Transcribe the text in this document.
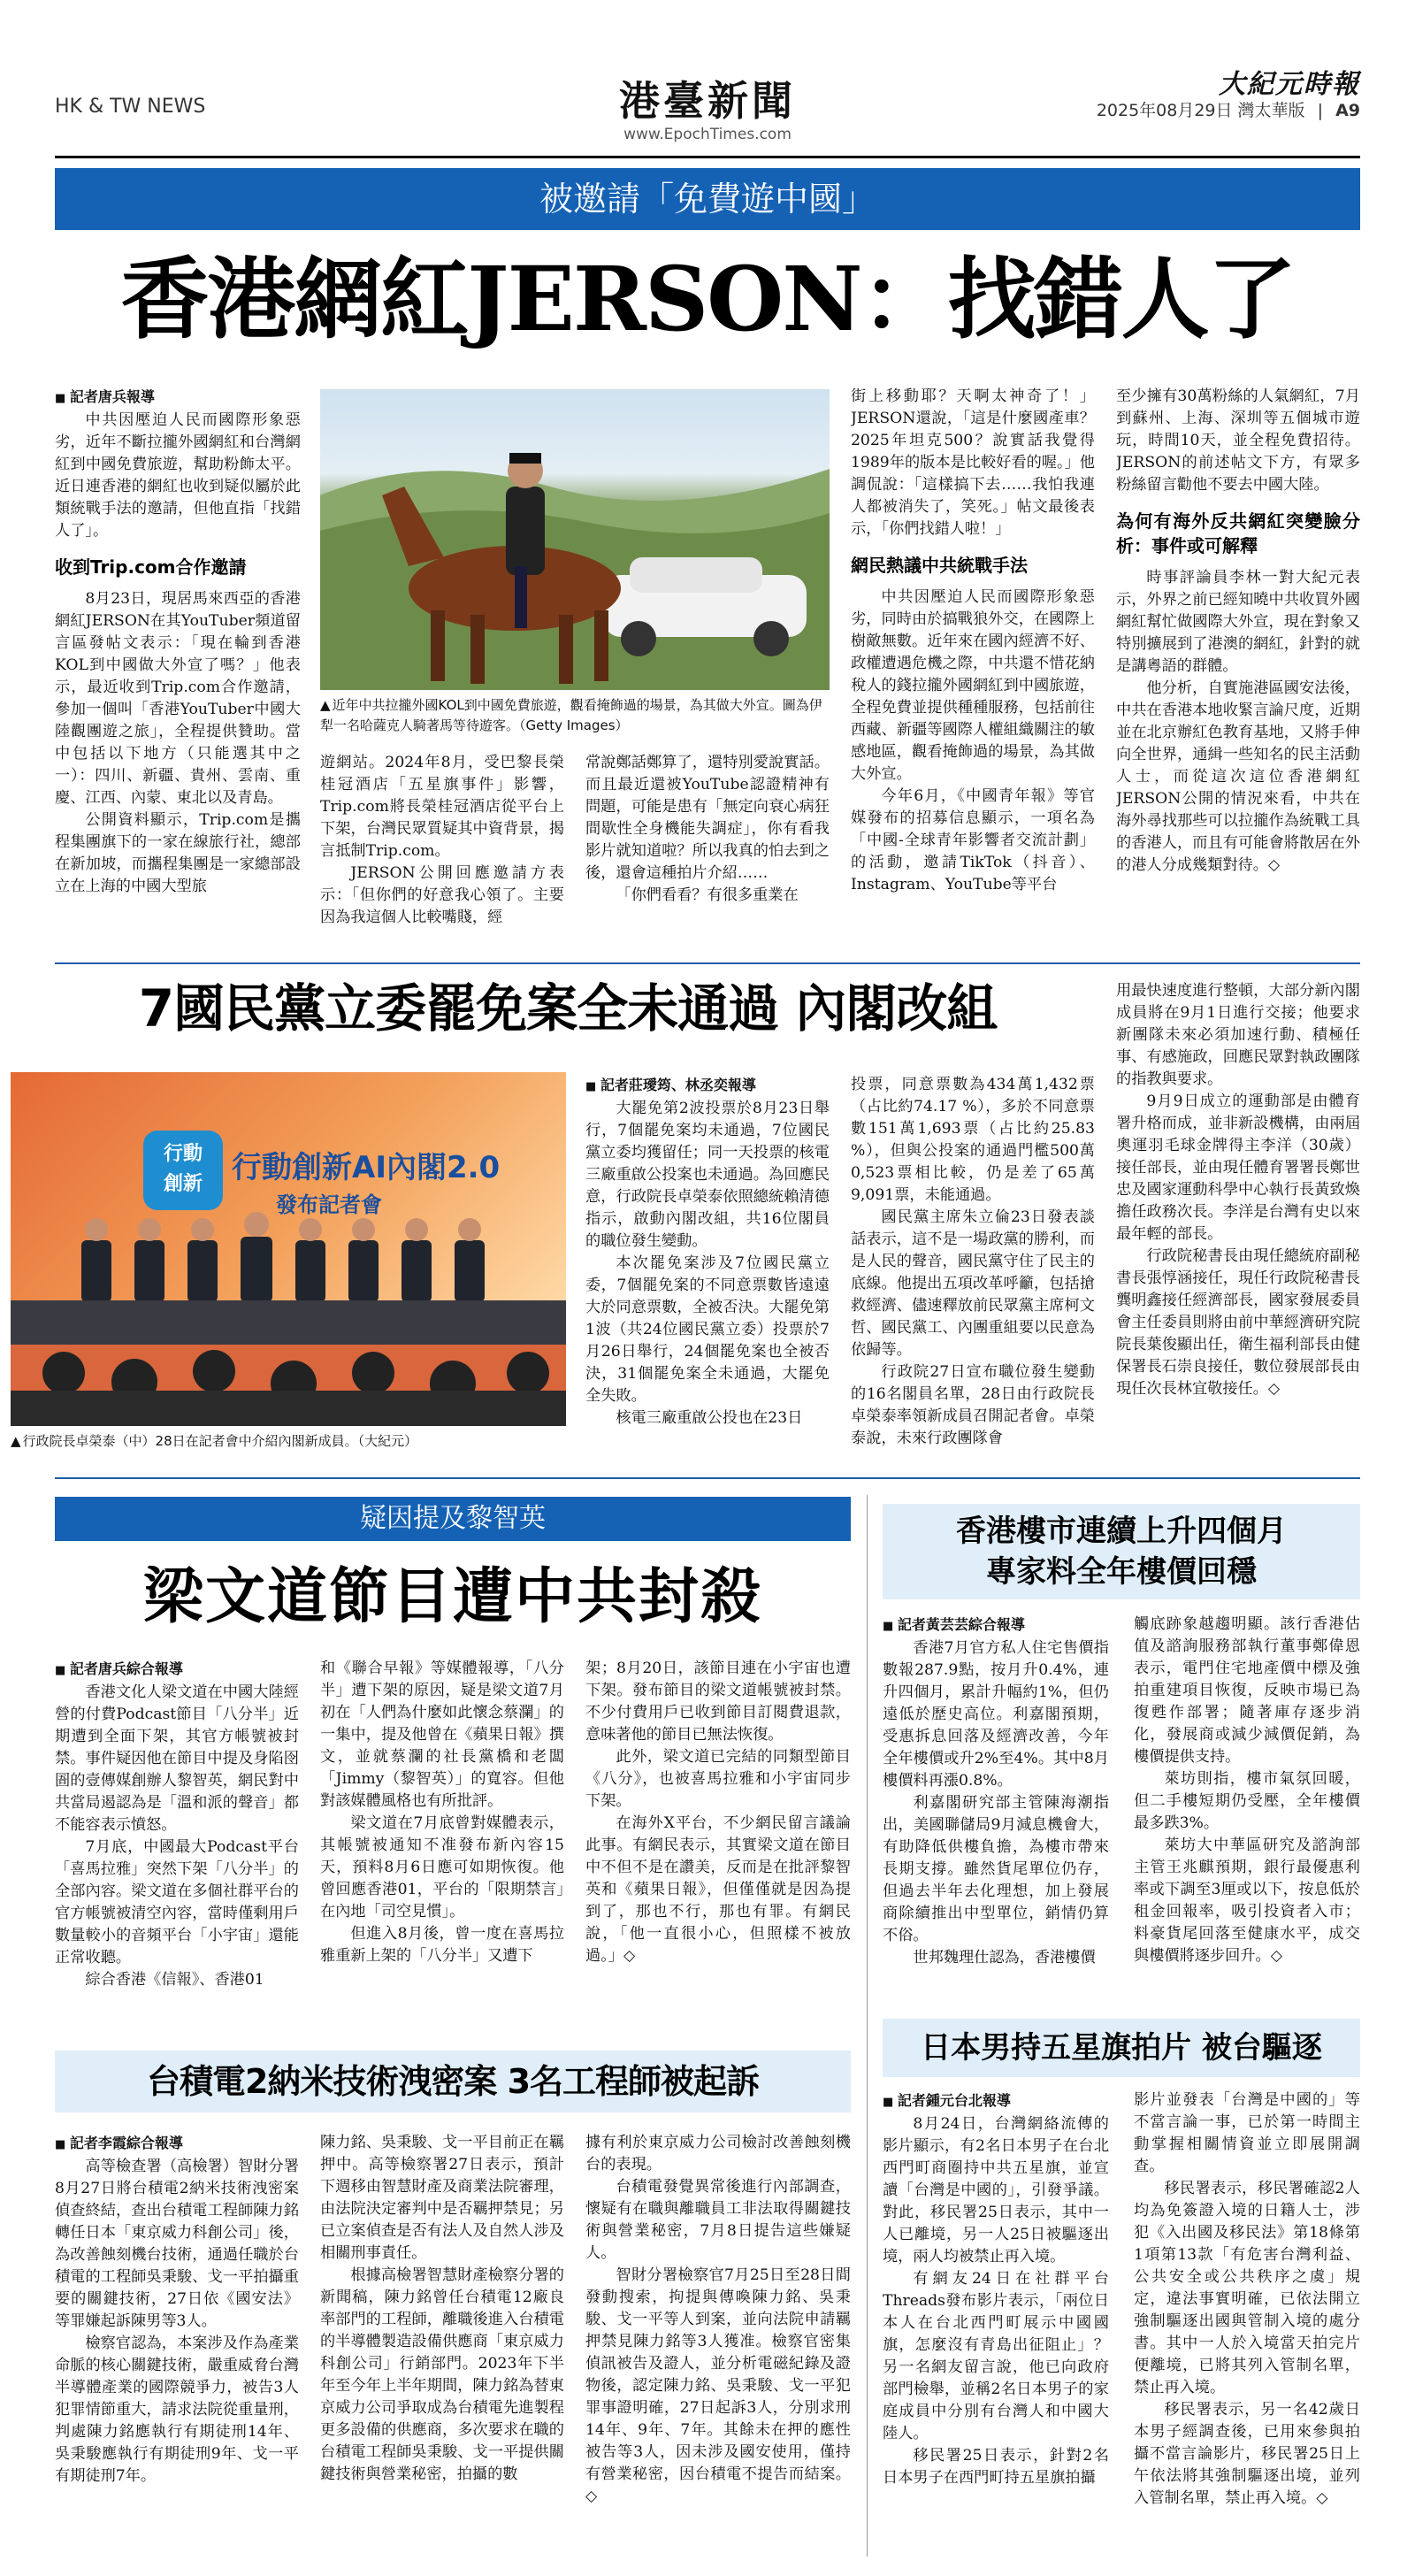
HK & TW NEWS	港臺新聞
www.EpochTimes.com
大紀元時報
2025年08月29日 灣太華版 | A9
被邀請「免費遊中國」
香港網紅JERSON：找錯人了

■ 記者唐兵報導

中共因壓迫人民而國際形象惡劣，近年不斷拉攏外國網紅和台灣網紅到中國免費旅遊，幫助粉飾太平。近日連香港的網紅也收到疑似屬於此類統戰手法的邀請，但他直指「找錯人了」。

收到Trip.com合作邀請

8月23日，現居馬來西亞的香港網紅JERSON在其YouTuber頻道留言區發帖文表示：「現在輪到香港KOL到中國做大外宣了嗎？」他表示，最近收到Trip.com合作邀請，參加一個叫「香港YouTuber中國大陸觀團遊之旅」，全程提供贊助。當中包括以下地方（只能選其中之一）：四川、新疆、貴州、雲南、重慶、江西、內蒙、東北以及青島。

公開資料顯示，Trip.com是攜程集團旗下的一家在線旅行社，總部在新加坡，而攜程集團是一家總部設立在上海的中國大型旅

▲ 近年中共拉攏外國KOL到中國免費旅遊，觀看掩飾過的場景，為其做大外宣。圖為伊犁一名哈薩克人騎著馬等待遊客。（Getty Images）

遊網站。2024年8月，受巴黎長榮桂冠酒店「五星旗事件」影響，Trip.com將長榮桂冠酒店從平台上下架，台灣民眾質疑其中資背景，揭言抵制Trip.com。

JERSON公開回應邀請方表示：「但你們的好意我心領了。主要因為我這個人比較嘴賤，經

常說鄭話鄭算了，還特別愛說實話。而且最近還被YouTube認證精神有問題，可能是患有「無定向衰心病狂間歇性全身機能失調症」，你有看我影片就知道啦？所以我真的怕去到之後，還會這種拍片介紹……

「你們看看？有很多重業在

街上移動耶？天啊太神奇了！」JERSON還說，「這是什麼國產車？2025年坦克500？說實話我覺得1989年的版本是比較好看的喔。」他調侃說：「這樣搞下去……我怕我連人都被消失了，笑死。」帖文最後表示，「你們找錯人啦！」

網民熱議中共統戰手法

中共因壓迫人民而國際形象惡劣，同時由於搞戰狼外交，在國際上樹敵無數。近年來在國內經濟不好、政權遭遇危機之際，中共還不惜花納稅人的錢拉攏外國網紅到中國旅遊，全程免費並提供種種服務，包括前往西藏、新疆等國際人權組織關注的敏感地區，觀看掩飾過的場景，為其做大外宣。

今年6月，《中國青年報》等官媒發布的招募信息顯示，一項名為「中國-全球青年影響者交流計劃」的活動，邀請TikTok（抖音）、Instagram、YouTube等平台

至少擁有30萬粉絲的人氣網紅，7月到蘇州、上海、深圳等五個城市遊玩，時間10天，並全程免費招待。JERSON的前述帖文下方，有眾多粉絲留言勸他不要去中國大陸。

為何有海外反共網紅突變臉分析：事件或可解釋

時事評論員李林一對大紀元表示，外界之前已經知曉中共收買外國網紅幫忙做國際大外宣，現在對象又特別擴展到了港澳的網紅，針對的就是講粵語的群體。

他分析，自實施港區國安法後，中共在香港本地收緊言論尺度，近期並在北京辦紅色教育基地，又將手伸向全世界，通緝一些知名的民主活動人士，而從這次這位香港網紅JERSON公開的情況來看，中共在海外尋找那些可以拉攏作為統戰工具的香港人，而且有可能會將散居在外的港人分成幾類對待。◇

7國民黨立委罷免案全未通過 內閣改組
行動
創新 行動創新AI內閣2.0
發布記者會
▲ 行政院長卓榮泰（中）28日在記者會中介紹內閣新成員。（大紀元）

■ 記者莊璦筠、林丞奕報導

大罷免第2波投票於8月23日舉行，7個罷免案均未通過，7位國民黨立委均獲留任；同一天投票的核電三廠重啟公投案也未通過。為回應民意，行政院長卓榮泰依照總統賴清德指示，啟動內閣改組，共16位閣員的職位發生變動。

本次罷免案涉及7位國民黨立委，7個罷免案的不同意票數皆遠遠大於同意票數，全被否決。大罷免第1波（共24位國民黨立委）投票於7月26日舉行，24個罷免案也全被否決，31個罷免案全未通過，大罷免全失敗。

核電三廠重啟公投也在23日

投票，同意票數為434萬1,432票（占比約74.17 %），多於不同意票數151萬1,693票（占比約25.83 %），但與公投案的通過門檻500萬0,523票相比較，仍是差了65萬9,091票，未能通過。

國民黨主席朱立倫23日發表談話表示，這不是一場政黨的勝利，而是人民的聲音，國民黨守住了民主的底線。他提出五項改革呼籲，包括搶救經濟、儘速釋放前民眾黨主席柯文哲、國民黨工、內團重組要以民意為依歸等。

行政院27日宣布職位發生變動的16名閣員名單，28日由行政院長卓榮泰率領新成員召開記者會。卓榮泰說，未來行政團隊會

用最快速度進行整頓，大部分新內閣成員將在9月1日進行交接；他要求新團隊未來必須加速行動、積極任事、有感施政，回應民眾對執政團隊的指教與要求。

9月9日成立的運動部是由體育署升格而成，並非新設機構，由兩屆奧運羽毛球金牌得主李洋（30歲）接任部長，並由現任體育署署長鄭世忠及國家運動科學中心執行長黃致煥擔任政務次長。李洋是台灣有史以來最年輕的部長。

行政院秘書長由現任總統府副秘書長張惇涵接任，現任行政院秘書長龔明鑫接任經濟部長，國家發展委員會主任委員則將由前中華經濟研究院院長葉俊顯出任，衛生福利部長由健保署長石崇良接任，數位發展部長由現任次長林宜敬接任。◇

疑因提及黎智英
梁文道節目遭中共封殺

■ 記者唐兵綜合報導

香港文化人梁文道在中國大陸經營的付費Podcast節目「八分半」近期遭到全面下架，其官方帳號被封禁。事件疑因他在節目中提及身陷囹圄的壹傳媒創辦人黎智英，網民對中共當局遏認為是「溫和派的聲音」都不能容表示憤怒。

7月底，中國最大Podcast平台「喜馬拉雅」突然下架「八分半」的全部內容。梁文道在多個社群平台的官方帳號被清空內容，當時僅剩用戶數量較小的音頻平台「小宇宙」還能正常收聽。

綜合香港《信報》、香港01

和《聯合早報》等媒體報導，「八分半」遭下架的原因，疑是梁文道7月初在「人們為什麼如此懷念蔡瀾」的一集中，提及他曾在《蘋果日報》撰文，並就蔡瀾的社長黨橋和老闆「Jimmy（黎智英）」的寬容。但他對該媒體風格也有所批評。

梁文道在7月底曾對媒體表示，其帳號被通知不准發布新內容15天，預料8月6日應可如期恢復。他曾回應香港01，平台的「限期禁言」在內地「司空見慣」。

但進入8月後，曾一度在喜馬拉雅重新上架的「八分半」又遭下

架；8月20日，該節目連在小宇宙也遭下架。發布節目的梁文道帳號被封禁。不少付費用戶已收到節目訂閱費退款，意味著他的節目已無法恢復。

此外，梁文道已完結的同類型節目《八分》，也被喜馬拉雅和小宇宙同步下架。

在海外X平台，不少網民留言議論此事。有網民表示，其實梁文道在節目中不但不是在讚美，反而是在批評黎智英和《蘋果日報》，但僅僅就是因為提到了，那也不行，那也有罪。有網民說，「他一直很小心，但照樣不被放過。」◇

香港樓市連續上升四個月
專家料全年樓價回穩

■ 記者黃芸芸綜合報導

香港7月官方私人住宅售價指數報287.9點，按月升0.4%，連升四個月，累計升幅約1%，但仍遠低於歷史高位。利嘉閣預期，受惠拆息回落及經濟改善，今年全年樓價或升2%至4%。其中8月樓價料再漲0.8%。

利嘉閣研究部主管陳海潮指出，美國聯儲局9月減息機會大，有助降低供樓負擔，為樓市帶來長期支撐。雖然貨尾單位仍存，但過去半年去化理想，加上發展商除續推出中型單位，銷情仍算不俗。

世邦魏理仕認為，香港樓價

觸底跡象越趨明顯。該行香港估值及諮詢服務部執行董事鄭偉恩表示，電門住宅地產價中標及強拍重建項目恢復，反映市場已為復甦作部署；隨著庫存逐步消化，發展商或減少減價促銷，為樓價提供支持。

萊坊則指，樓市氣氛回暖，但二手樓短期仍受壓，全年樓價最多跌3%。

萊坊大中華區研究及諮詢部主管王兆麒預期，銀行最優惠利率或下調至3厘或以下，按息低於租金回報率，吸引投資者入市；料豪貨尾回落至健康水平，成交與樓價將逐步回升。◇

台積電2納米技術洩密案 3名工程師被起訴

■ 記者李霞綜合報導

高等檢查署（高檢署）智財分署8月27日將台積電2納米技術洩密案偵查終結，查出台積電工程師陳力銘轉任日本「東京威力科創公司」後，為改善蝕刻機台技術，通過任職於台積電的工程師吳秉駿、戈一平拍攝重要的關鍵技術，27日依《國安法》等罪嫌起訴陳男等3人。

檢察官認為，本案涉及作為產業命脈的核心關鍵技術，嚴重威脅台灣半導體產業的國際競爭力，被告3人犯罪情節重大，請求法院從重量刑，判處陳力銘應執行有期徒刑14年、吳秉駿應執行有期徒刑9年、戈一平有期徒刑7年。

陳力銘、吳秉駿、戈一平目前正在羈押中。高等檢察署27日表示，預計下週移由智慧財產及商業法院審理，由法院決定審判中是否羈押禁見；另已立案偵查是否有法人及自然人涉及相關刑事責任。

根據高檢署智慧財產檢察分署的新聞稿，陳力銘曾任台積電12廠良率部門的工程師，離職後進入台積電的半導體製造設備供應商「東京威力科創公司」行銷部門。2023年下半年至今年上半年期間，陳力銘為替東京威力公司爭取成為台積電先進製程更多設備的供應商，多次要求在職的台積電工程師吳秉駿、戈一平提供關鍵技術與營業秘密，拍攝的數

據有利於東京威力公司檢討改善蝕刻機台的表現。

台積電發覺異常後進行內部調查，懷疑有在職與離職員工非法取得關鍵技術與營業秘密，7月8日提告這些嫌疑人。

智財分署檢察官7月25日至28日間發動搜索，拘提與傳喚陳力銘、吳秉駿、戈一平等人到案，並向法院申請羈押禁見陳力銘等3人獲准。檢察官密集偵訊被告及證人，並分析電磁紀錄及證物後，認定陳力銘、吳秉駿、戈一平犯罪事證明確，27日起訴3人，分別求刑14年、9年、7年。其餘未在押的應性被告等3人，因未涉及國安使用，僅持有營業秘密，因台積電不提告而結案。◇

日本男持五星旗拍片 被台驅逐

■ 記者鍾元台北報導

8月24日，台灣網絡流傳的影片顯示，有2名日本男子在台北西門町商圈持中共五星旗，並宣讀「台灣是中國的」，引發爭議。對此，移民署25日表示，其中一人已離境，另一人25日被驅逐出境，兩人均被禁止再入境。

有網友24日在社群平台Threads發布影片表示，「兩位日本人在台北西門町展示中國國旗，怎麼沒有青島出征阻止」？另一名網友留言說，他已向政府部門檢舉，並稱2名日本男子的家庭成員中分別有台灣人和中國大陸人。

移民署25日表示，針對2名日本男子在西門町持五星旗拍攝

影片並發表「台灣是中國的」等不當言論一事，已於第一時間主動掌握相關情資並立即展開調查。

移民署表示，移民署確認2人均為免簽證入境的日籍人士，涉犯《入出國及移民法》第18條第1項第13款「有危害台灣利益、公共安全或公共秩序之虞」規定，違法事實明確，已依法開立強制驅逐出國與管制入境的處分書。其中一人於入境當天拍完片便離境，已將其列入管制名單，禁止再入境。

移民署表示，另一名42歲日本男子經調查後，已用來參與拍攝不當言論影片，移民署25日上午依法將其強制驅逐出境，並列入管制名單，禁止再入境。◇
